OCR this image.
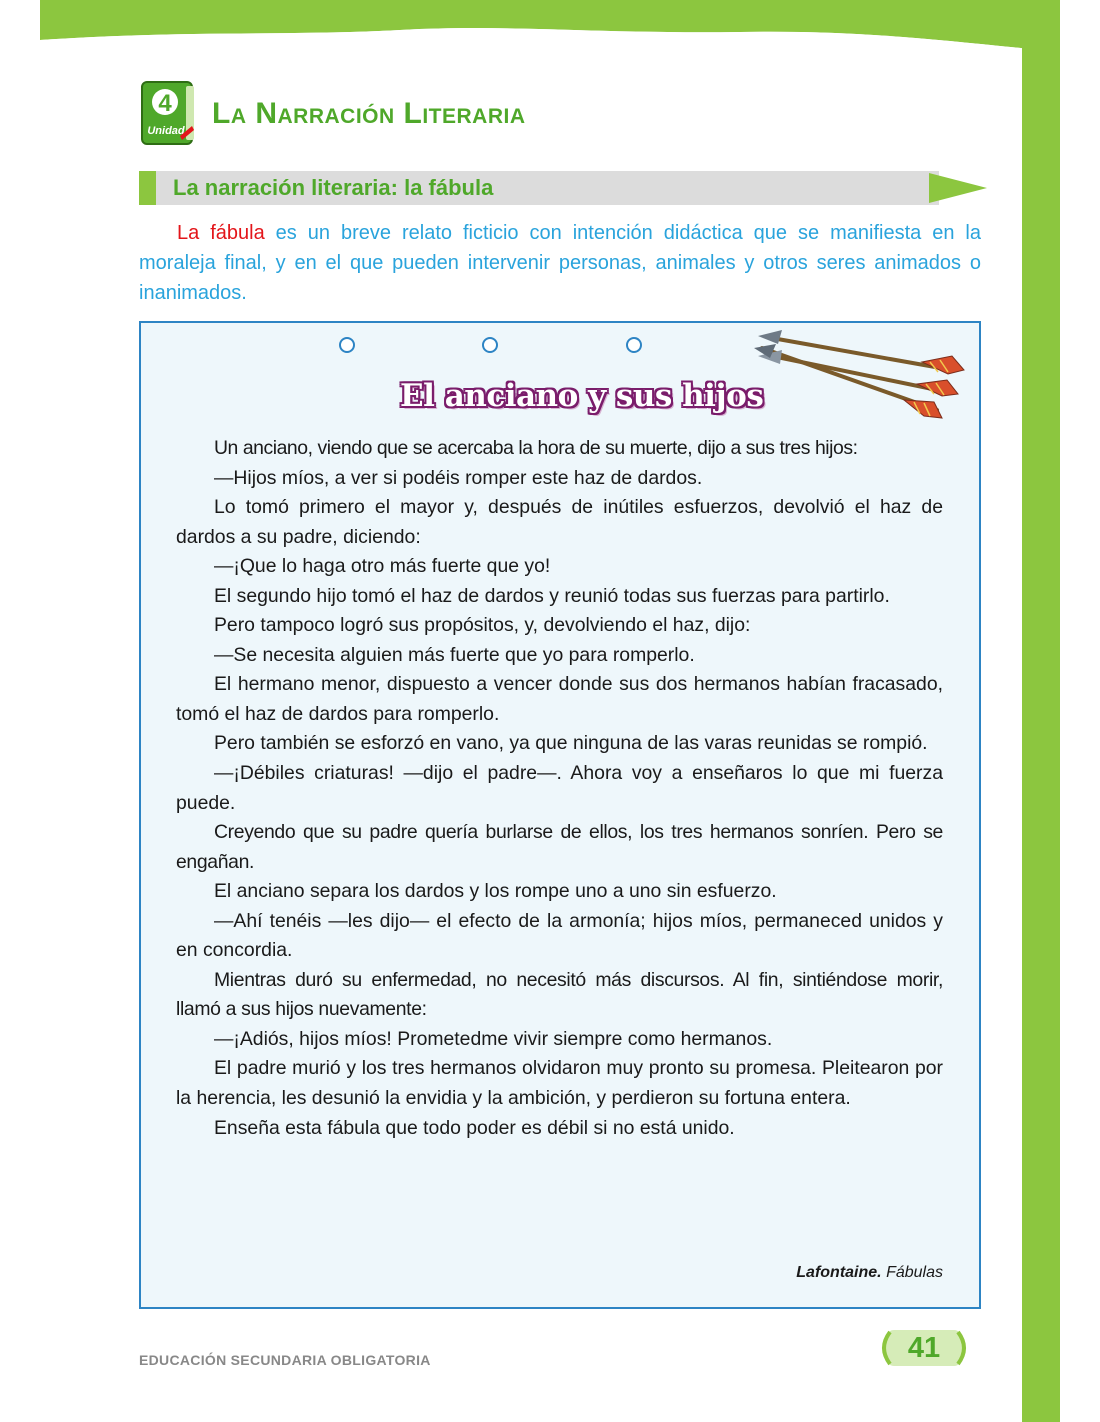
4
Unidad
La Narración Literaria
La narración literaria: la fábula

La fábula es un breve relato ficticio con intención didáctica que se manifiesta en la moraleja final, y en el que pueden intervenir personas, animales y otros seres animados o inanimados.

El anciano y sus hijos

Un anciano, viendo que se acercaba la hora de su muerte, dijo a sus tres hijos:

—Hijos míos, a ver si podéis romper este haz de dardos.

Lo tomó primero el mayor y, después de inútiles esfuerzos, devolvió el haz de dardos a su padre, diciendo:

—¡Que lo haga otro más fuerte que yo!

El segundo hijo tomó el haz de dardos y reunió todas sus fuerzas para partirlo.

Pero tampoco logró sus propósitos, y, devolviendo el haz, dijo:

—Se necesita alguien más fuerte que yo para romperlo.

El hermano menor, dispuesto a vencer donde sus dos hermanos habían fracasado, tomó el haz de dardos para romperlo.

Pero también se esforzó en vano, ya que ninguna de las varas reunidas se rompió.

—¡Débiles criaturas! —dijo el padre—. Ahora voy a enseñaros lo que mi fuerza puede.

Creyendo que su padre quería burlarse de ellos, los tres hermanos sonríen. Pero se engañan.

El anciano separa los dardos y los rompe uno a uno sin esfuerzo.

—Ahí tenéis —les dijo— el efecto de la armonía; hijos míos, permaneced unidos y en concordia.

Mientras duró su enfermedad, no necesitó más discursos. Al fin, sintiéndose morir, llamó a sus hijos nuevamente:

—¡Adiós, hijos míos! Prometedme vivir siempre como hermanos.

El padre murió y los tres hermanos olvidaron muy pronto su promesa. Pleitearon por la herencia, les desunió la envidia y la ambición, y perdieron su fortuna entera.

Enseña esta fábula que todo poder es débil si no está unido.

Lafontaine. Fábulas

EDUCACIÓN SECUNDARIA OBLIGATORIA	41
